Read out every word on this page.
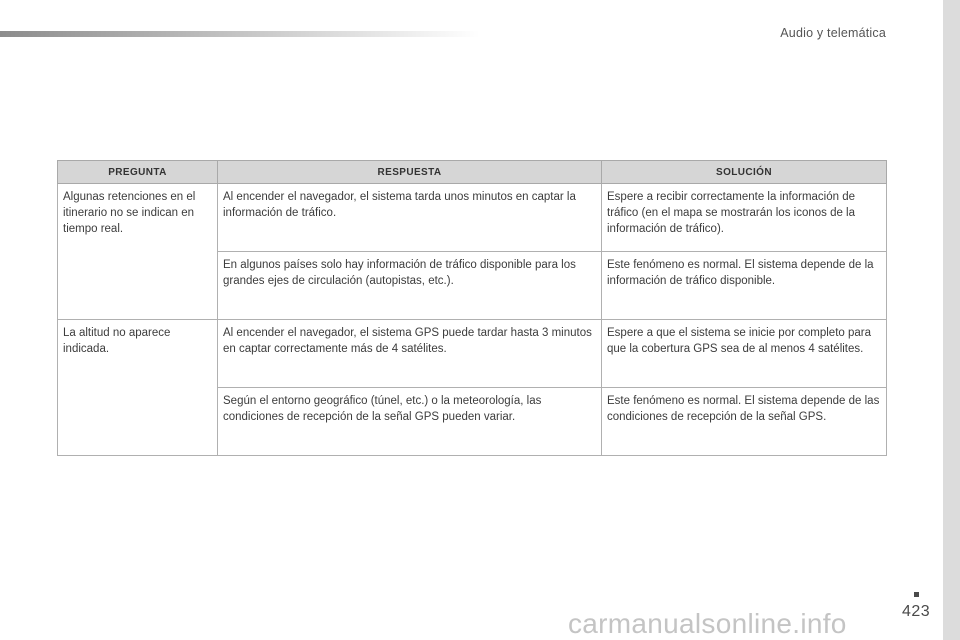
Audio y telemática
PREGUNTA	RESPUESTA	SOLUCIÓN
Algunas retenciones en el itinerario no se indican en tiempo real.	Al encender el navegador, el sistema tarda unos minutos en captar la información de tráfico.	Espere a recibir correctamente la información de tráfico (en el mapa se mostrarán los iconos de la información de tráfico).
	En algunos países solo hay información de tráfico disponible para los grandes ejes de circulación (autopistas, etc.).	Este fenómeno es normal. El sistema depende de la información de tráfico disponible.
La altitud no aparece indicada.	Al encender el navegador, el sistema GPS puede tardar hasta 3 minutos en captar correctamente más de 4 satélites.	Espere a que el sistema se inicie por completo para que la cobertura GPS sea de al menos 4 satélites.
	Según el entorno geográfico (túnel, etc.) o la meteorología, las condiciones de recepción de la señal GPS pueden variar.	Este fenómeno es normal. El sistema depende de las condiciones de recepción de la señal GPS.
423
carmanualsonline.info
